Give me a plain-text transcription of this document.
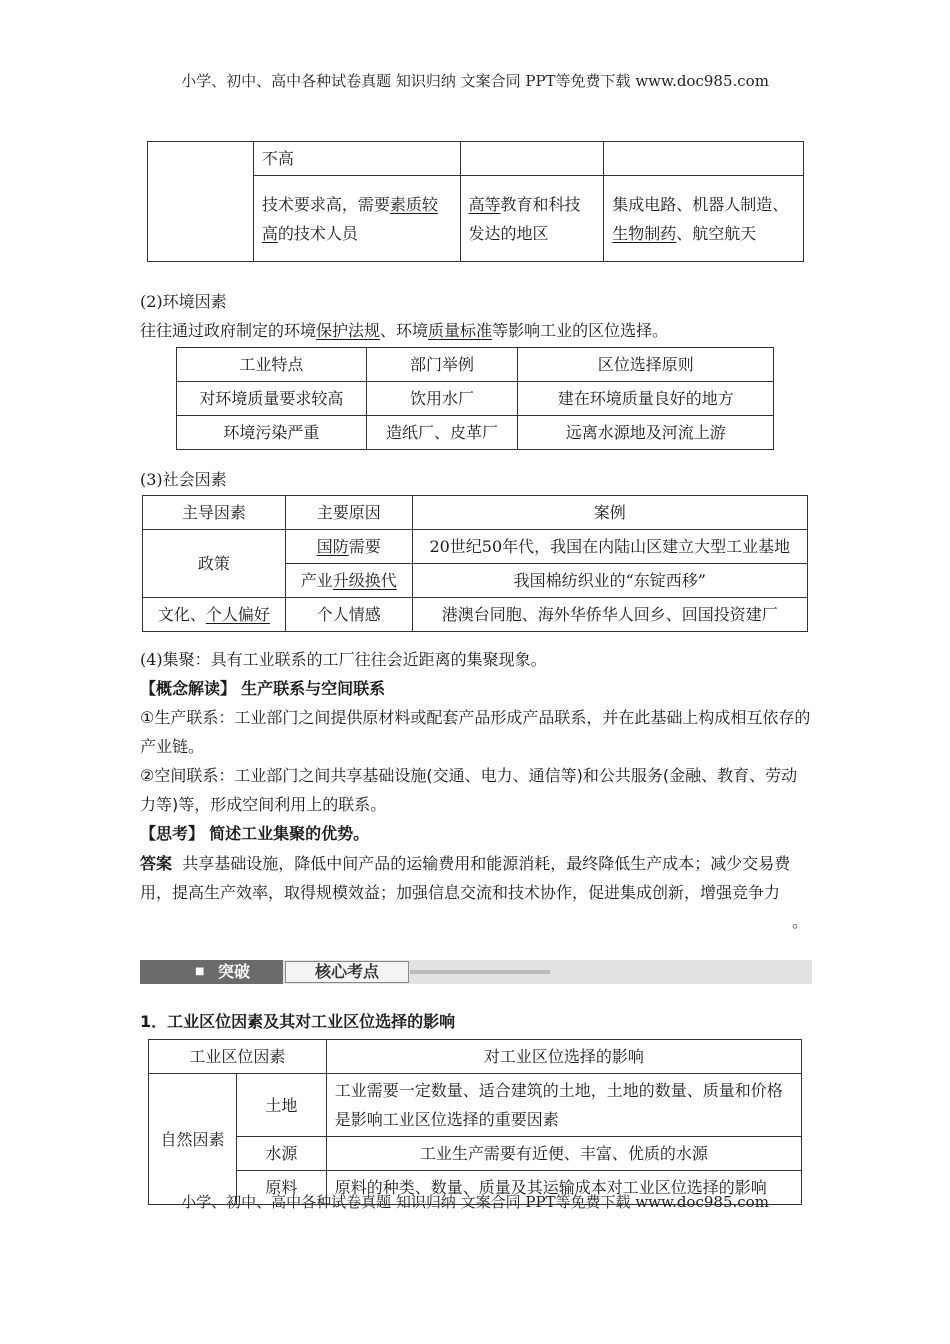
小学、初中、高中各种试卷真题 知识归纳 文案合同 PPT等免费下载 www.doc985.com
	不高		
	技术要求高，需要素质较高的技术人员	高等教育和科技发达的地区	集成电路、机器人制造、生物制药、航空航天
(2)环境因素
往往通过政府制定的环境保护法规、环境质量标准等影响工业的区位选择。
工业特点	部门举例	区位选择原则
对环境质量要求较高	饮用水厂	建在环境质量良好的地方
环境污染严重	造纸厂、皮革厂	远离水源地及河流上游
(3)社会因素
主导因素	主要原因	案例
政策	国防需要	20世纪50年代，我国在内陆山区建立大型工业基地
	产业升级换代	我国棉纺织业的“东锭西移”
文化、个人偏好	个人情感	港澳台同胞、海外华侨华人回乡、回国投资建厂
(4)集聚：具有工业联系的工厂往往会近距离的集聚现象。
【概念解读】 生产联系与空间联系
①生产联系：工业部门之间提供原材料或配套产品形成产品联系，并在此基础上构成相互依存的产业链。
②空间联系：工业部门之间共享基础设施(交通、电力、通信等)和公共服务(金融、教育、劳动力等)等，形成空间利用上的联系。
【思考】 简述工业集聚的优势。
答案 共享基础设施，降低中间产品的运输费用和能源消耗，最终降低生产成本；减少交易费用，提高生产效率，取得规模效益；加强信息交流和技术协作，促进集成创新，增强竞争力
。
■ 突破	核心考点
1．工业区位因素及其对工业区位选择的影响
工业区位因素		对工业区位选择的影响
自然因素	土地	工业需要一定数量、适合建筑的土地，土地的数量、质量和价格是影响工业区位选择的重要因素
	水源	工业生产需要有近便、丰富、优质的水源
	原料	原料的种类、数量、质量及其运输成本对工业区位选择的影响
小学、初中、高中各种试卷真题 知识归纳 文案合同 PPT等免费下载 www.doc985.com
